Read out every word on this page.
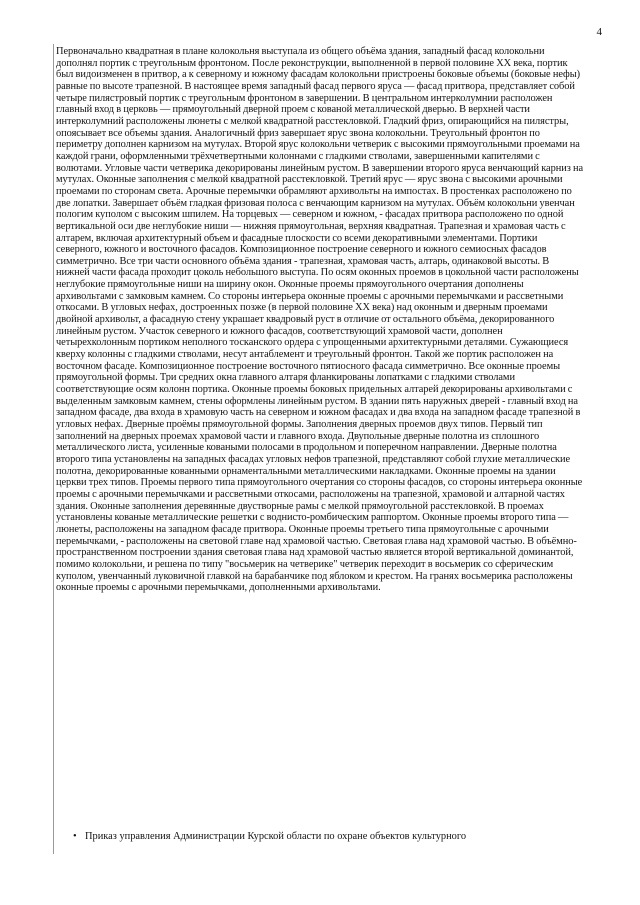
4

Первоначально квадратная в плане колокольня выступала из общего объёма здания, западный фасад колокольни дополнял портик с треугольным фронтоном. После реконструкции, выполненной в первой половине XX века, портик был видоизменен в притвор, а к северному и южному фасадам колокольни пристроены боковые объемы (боковые нефы) равные по высоте трапезной. В настоящее время западный фасад первого яруса — фасад притвора, представляет собой четыре пилястровый портик с треугольным фронтоном в завершении. В центральном интерколумнии расположен главный вход в церковь — прямоугольный дверной проем с кованой металлической дверью. В верхней части интерколумний расположены люнеты с мелкой квадратной расстекловкой. Гладкий фриз, опирающийся на пилястры, опоясывает все объемы здания. Аналогичный фриз завершает ярус звона колокольни. Треугольный фронтон по периметру дополнен карнизом на мутулах. Второй ярус колокольни четверик с высокими прямоугольными проемами на каждой грани, оформленными трёхчетвертными колоннами с гладкими стволами, завершенными капителями с волютами. Угловые части четверика декорированы линейным рустом. В завершении второго яруса венчающий карниз на мутулах. Оконные заполнения с мелкой квадратной расстекловкой. Третий ярус — ярус звона с высокими арочными проемами по сторонам света. Арочные перемычки обрамляют архивольты на импостах. В простенках расположено по две лопатки. Завершает объём гладкая фризовая полоса с венчающим карнизом на мутулах. Объём колокольни увенчан пологим куполом с высоким шпилем. На торцевых — северном и южном, - фасадах притвора расположено по одной вертикальной оси две неглубокие ниши — нижняя прямоугольная, верхняя квадратная. Трапезная и храмовая часть с алтарем, включая архитектурный объем и фасадные плоскости со всеми декоративными элементами. Портики северного, южного и восточного фасадов. Композиционное построение северного и южного семиосных фасадов симметрично. Все три части основного объёма здания - трапезная, храмовая часть, алтарь, одинаковой высоты. В нижней части фасада проходит цоколь небольшого выступа. По осям оконных проемов в цокольной части расположены неглубокие прямоугольные ниши на ширину окон. Оконные проемы прямоугольного очертания дополнены архивольтами с замковым камнем. Со стороны интерьера оконные проемы с арочными перемычками и рассветными откосами. В угловых нефах, достроенных позже (в первой половине XX века) над оконным и дверным проемами двойной архивольт, а фасадную стену украшает квадровый руст в отличие от остального объёма, декорированного линейным рустом. Участок северного и южного фасадов, соответствующий храмовой части, дополнен четырехколонным портиком неполного тосканского ордера с упрощенными архитектурными деталями. Сужающиеся кверху колонны с гладкими стволами, несут антаблемент и треугольный фронтон. Такой же портик расположен на восточном фасаде. Композиционное построение восточного пятиосного фасада симметрично. Все оконные проемы прямоугольной формы. Три средних окна главного алтаря фланкированы лопатками с гладкими стволами соответствующие осям колонн портика. Оконные проемы боковых придельных алтарей декорированы архивольтами с выделенным замковым камнем, стены оформлены линейным рустом. В здании пять наружных дверей - главный вход на западном фасаде, два входа в храмовую часть на северном и южном фасадах и два входа на западном фасаде трапезной в угловых нефах. Дверные проёмы прямоугольной формы. Заполнения дверных проемов двух типов. Первый тип заполнений на дверных проемах храмовой части и главного входа. Двупольные дверные полотна из сплошного металлического листа, усиленные коваными полосами в продольном и поперечном направлении. Дверные полотна второго типа установлены на западных фасадах угловых нефов трапезной, представляют собой глухие металлические полотна, декорированные кованными орнаментальными металлическими накладками. Оконные проемы на здании церкви трех типов. Проемы первого типа прямоугольного очертания со стороны фасадов, со стороны интерьера оконные проемы с арочными перемычками и рассветными откосами, расположены на трапезной, храмовой и алтарной частях здания. Оконные заполнения деревянные двустворные рамы с мелкой прямоугольной расстекловкой. В проемах установлены кованые металлические решетки с воднисто-ромбическим раппортом. Оконные проемы второго типа — люнеты, расположены на западном фасаде притвора. Оконные проемы третьего типа прямоугольные с арочными перемычками, - расположены на световой главе над храмовой частью. Световая глава над храмовой частью. В объёмно-пространственном построении здания световая глава над храмовой частью является второй вертикальной доминантой, помимо колокольни, и решена по типу "восьмерик на четверике" четверик переходит в восьмерик со сферическим куполом, увенчанный луковичной главкой на барабанчике под яблоком и крестом. На гранях восьмерика расположены оконные проемы с арочными перемычками, дополненными архивольтами.

• Приказ управления Администрации Курской области по охране объектов культурного
